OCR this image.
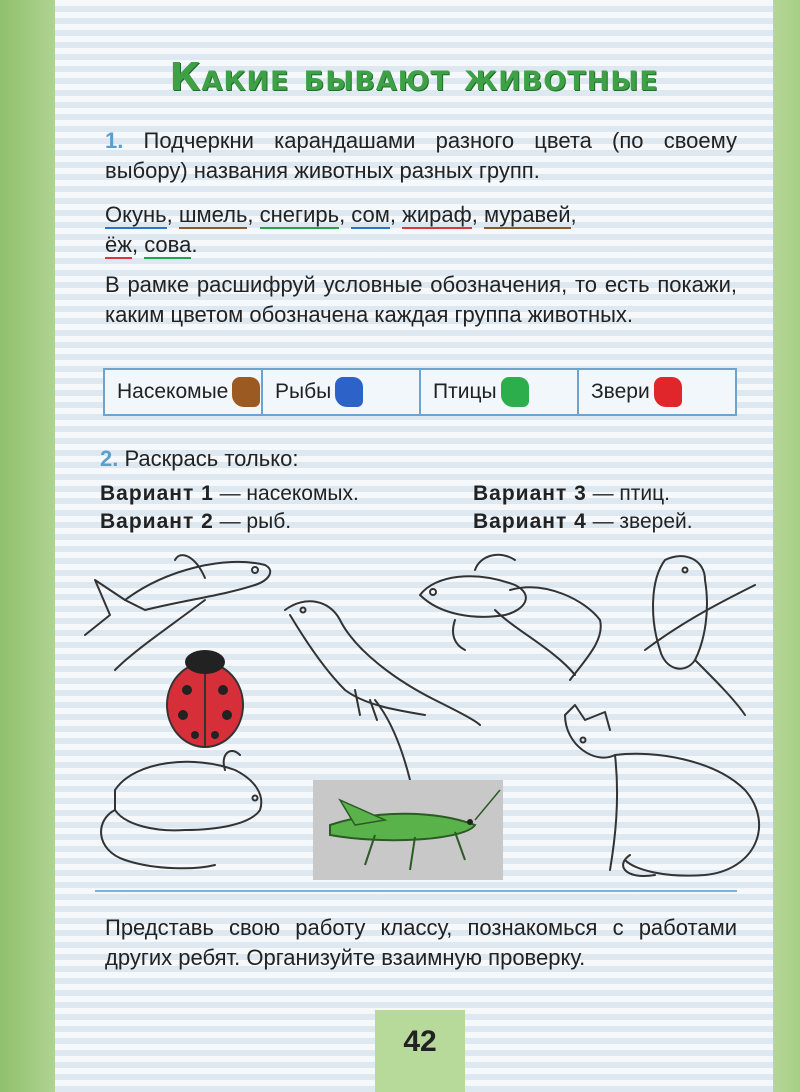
Какие бывают животные
1. Подчеркни карандашами разного цвета (по своему выбору) названия животных разных групп.
Окунь, шмель, снегирь, сом, жираф, муравей,
ёж, сова.
В рамке расшифруй условные обозначения, то есть покажи, каким цветом обозначена каждая группа животных.
Насекомые Рыбы	Птицы	Звери
2. Раскрась только:
Вариант 1 — насекомых.
Вариант 2 — рыб.
Вариант 3 — птиц.
Вариант 4 — зверей.
Представь свою работу классу, познакомься с работами других ребят. Организуйте взаимную проверку.
42
